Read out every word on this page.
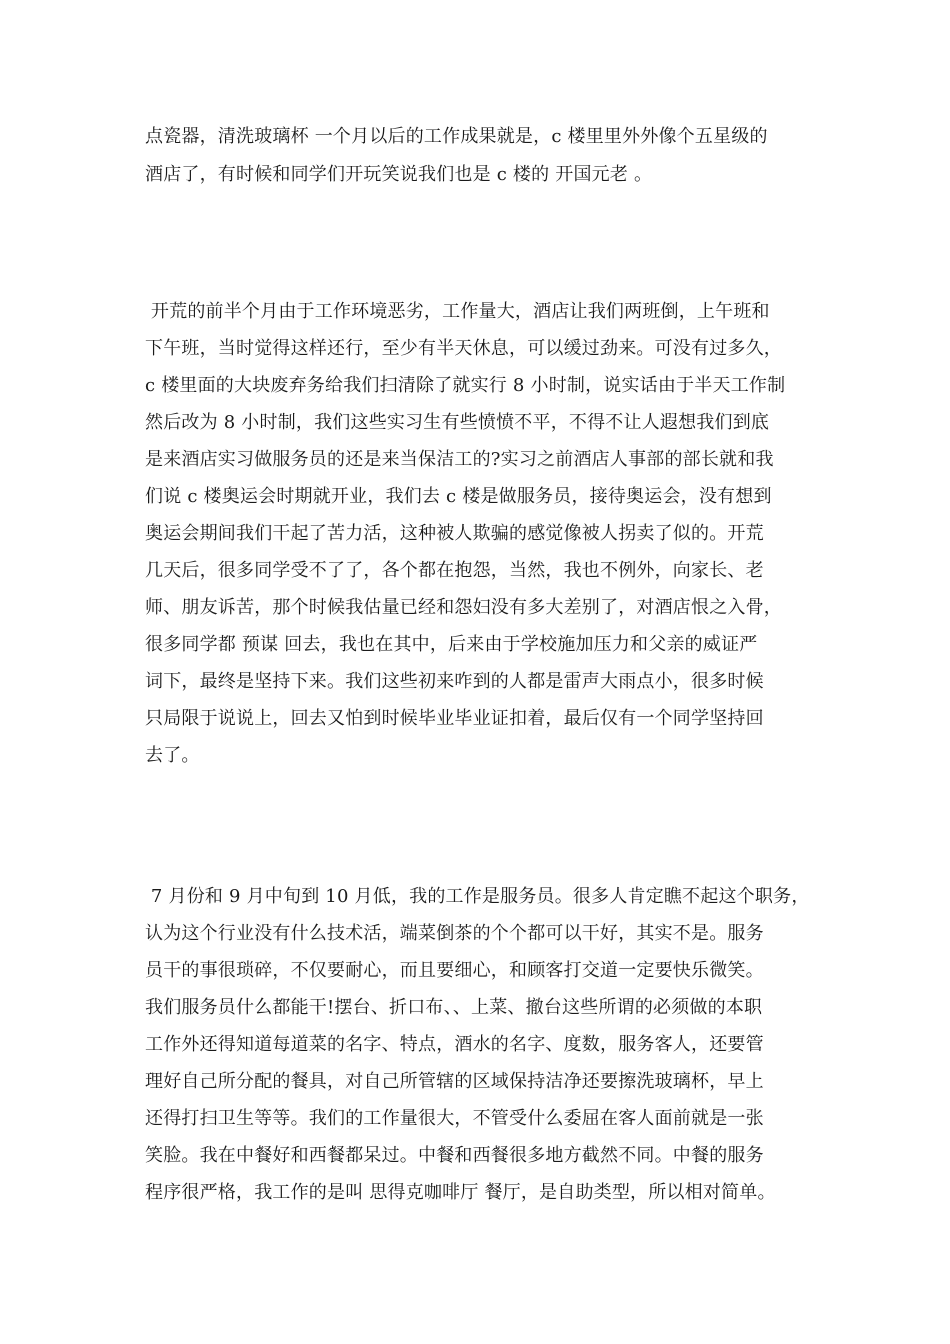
点瓷器，清洗玻璃杯 一个月以后的工作成果就是，c 楼里里外外像个五星级的
酒店了，有时候和同学们开玩笑说我们也是 c 楼的 开国元老 。
开荒的前半个月由于工作环境恶劣，工作量大，酒店让我们两班倒，上午班和
下午班，当时觉得这样还行，至少有半天休息，可以缓过劲来。可没有过多久，
c 楼里面的大块废弃务给我们扫清除了就实行 8 小时制，说实话由于半天工作制
然后改为 8 小时制，我们这些实习生有些愤愤不平，不得不让人遐想我们到底
是来酒店实习做服务员的还是来当保洁工的?实习之前酒店人事部的部长就和我
们说 c 楼奥运会时期就开业，我们去 c 楼是做服务员，接待奥运会，没有想到
奥运会期间我们干起了苦力活，这种被人欺骗的感觉像被人拐卖了似的。开荒
几天后，很多同学受不了了，各个都在抱怨，当然，我也不例外，向家长、老
师、朋友诉苦，那个时候我估量已经和怨妇没有多大差别了，对酒店恨之入骨，
很多同学都 预谋 回去，我也在其中，后来由于学校施加压力和父亲的威证严
词下，最终是坚持下来。我们这些初来咋到的人都是雷声大雨点小，很多时候
只局限于说说上，回去又怕到时候毕业毕业证扣着，最后仅有一个同学坚持回
去了。
7 月份和 9 月中旬到 10 月低，我的工作是服务员。很多人肯定瞧不起这个职务，
认为这个行业没有什么技术活，端菜倒茶的个个都可以干好，其实不是。服务
员干的事很琐碎，不仅要耐心，而且要细心，和顾客打交道一定要快乐微笑。
我们服务员什么都能干!摆台、折口布、、上菜、撤台这些所谓的必须做的本职
工作外还得知道每道菜的名字、特点，酒水的名字、度数，服务客人，还要管
理好自己所分配的餐具，对自己所管辖的区域保持洁净还要擦洗玻璃杯，早上
还得打扫卫生等等。我们的工作量很大，不管受什么委屈在客人面前就是一张
笑脸。我在中餐好和西餐都呆过。中餐和西餐很多地方截然不同。中餐的服务
程序很严格，我工作的是叫 思得克咖啡厅 餐厅，是自助类型，所以相对简单。
